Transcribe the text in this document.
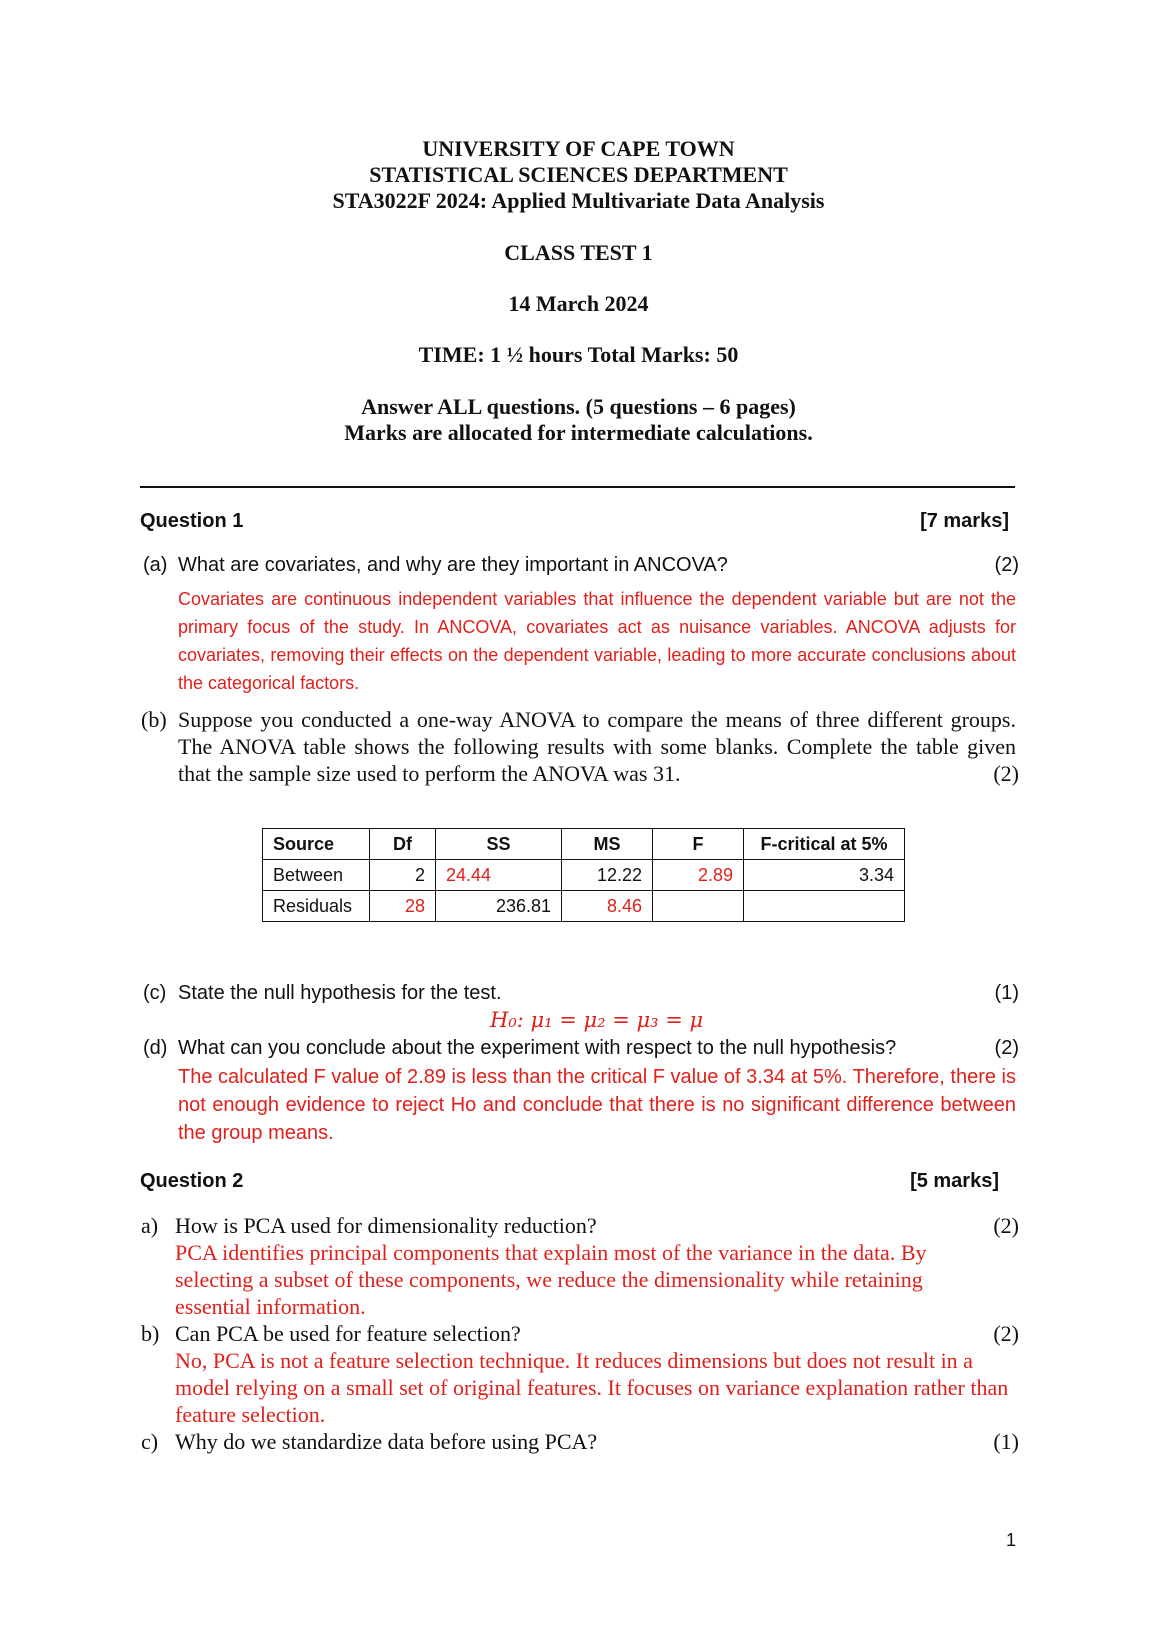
UNIVERSITY OF CAPE TOWN
STATISTICAL SCIENCES DEPARTMENT
STA3022F 2024: Applied Multivariate Data Analysis
CLASS TEST 1
14 March 2024
TIME: 1 ½ hours Total Marks: 50
Answer ALL questions. (5 questions – 6 pages)
Marks are allocated for intermediate calculations.
Question 1	[7 marks]
(a) What are covariates, and why are they important in ANCOVA?	(2)
Covariates are continuous independent variables that influence the dependent variable but are not the primary focus of the study. In ANCOVA, covariates act as nuisance variables. ANCOVA adjusts for covariates, removing their effects on the dependent variable, leading to more accurate conclusions about the categorical factors.
(b) Suppose you conducted a one-way ANOVA to compare the means of three different groups. The ANOVA table shows the following results with some blanks. Complete the table given that the sample size used to perform the ANOVA was 31.	(2)
Source	Df	SS	MS	F	F-critical at 5%
Between	2	24.44	12.22	2.89	3.34
Residuals	28	236.81	8.46		
(c) State the null hypothesis for the test.	(1)
H₀: μ₁ = μ₂ = μ₃ = μ
(d) What can you conclude about the experiment with respect to the null hypothesis?	(2)
The calculated F value of 2.89 is less than the critical F value of 3.34 at 5%. Therefore, there is not enough evidence to reject Ho and conclude that there is no significant difference between the group means.
Question 2	[5 marks]
a) How is PCA used for dimensionality reduction?	(2)
PCA identifies principal components that explain most of the variance in the data. By selecting a subset of these components, we reduce the dimensionality while retaining essential information.
b) Can PCA be used for feature selection?	(2)
No, PCA is not a feature selection technique. It reduces dimensions but does not result in a model relying on a small set of original features. It focuses on variance explanation rather than feature selection.
c) Why do we standardize data before using PCA?	(1)
1
